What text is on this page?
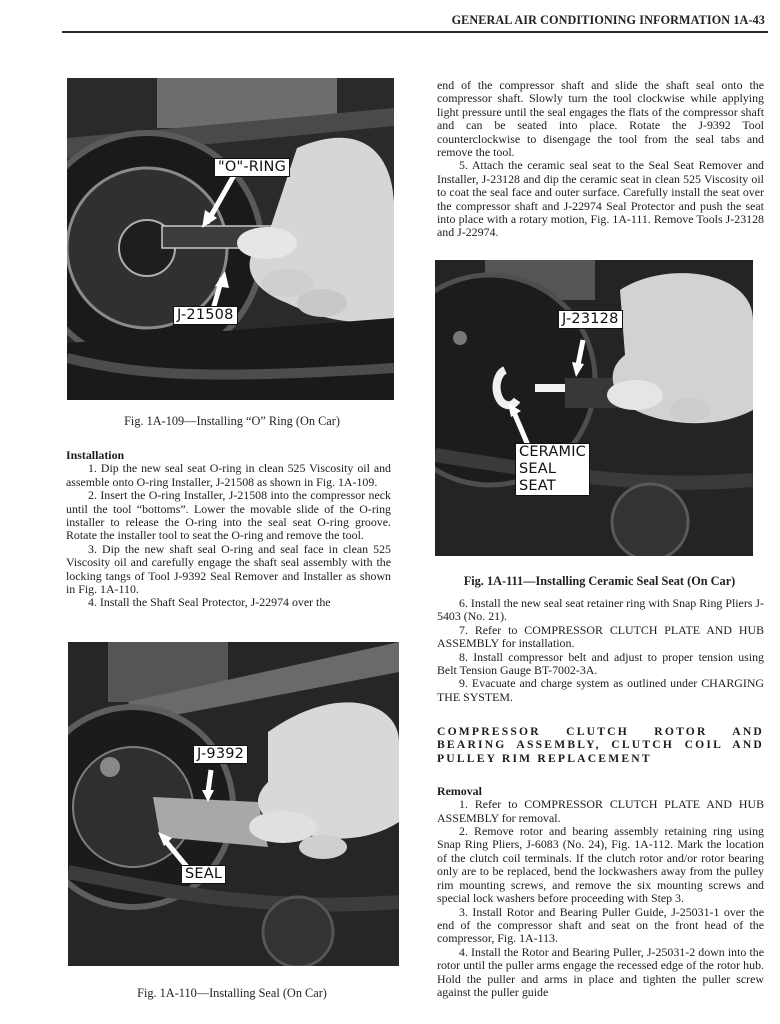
GENERAL AIR CONDITIONING INFORMATION 1A-43
"O"-RING
J-21508
Fig. 1A-109—Installing “O” Ring (On Car)

Installation

1. Dip the new seal seat O-ring in clean 525 Viscosity oil and assemble onto O-ring Installer, J-21508 as shown in Fig. 1A-109.

2. Insert the O-ring Installer, J-21508 into the compressor neck until the tool “bottoms”. Lower the movable slide of the O-ring installer to release the O-ring into the seal seat O-ring groove. Rotate the installer tool to seat the O-ring and remove the tool.

3. Dip the new shaft seal O-ring and seal face in clean 525 Viscosity oil and carefully engage the shaft seal assembly with the locking tangs of Tool J-9392 Seal Remover and Installer as shown in Fig. 1A-110.

4. Install the Shaft Seal Protector, J-22974 over the

J-9392
SEAL
Fig. 1A-110—Installing Seal (On Car)

end of the compressor shaft and slide the shaft seal onto the compressor shaft. Slowly turn the tool clockwise while applying light pressure until the seal engages the flats of the compressor shaft and can be seated into place. Rotate the J-9392 Tool counterclockwise to disengage the tool from the seal tabs and remove the tool.

5. Attach the ceramic seal seat to the Seal Seat Remover and Installer, J-23128 and dip the ceramic seat in clean 525 Viscosity oil to coat the seal face and outer surface. Carefully install the seat over the compressor shaft and J-22974 Seal Protector and push the seat into place with a rotary motion, Fig. 1A-111. Remove Tools J-23128 and J-22974.

J-23128
CERAMIC
SEAL
SEAT
Fig. 1A-111—Installing Ceramic Seal Seat (On Car)

6. Install the new seal seat retainer ring with Snap Ring Pliers J-5403 (No. 21).

7. Refer to COMPRESSOR CLUTCH PLATE AND HUB ASSEMBLY for installation.

8. Install compressor belt and adjust to proper tension using Belt Tension Gauge BT-7002-3A.

9. Evacuate and charge system as outlined under CHARGING THE SYSTEM.

COMPRESSOR CLUTCH ROTOR AND BEARING ASSEMBLY, CLUTCH COIL AND PULLEY RIM REPLACEMENT

Removal

1. Refer to COMPRESSOR CLUTCH PLATE AND HUB ASSEMBLY for removal.

2. Remove rotor and bearing assembly retaining ring using Snap Ring Pliers, J-6083 (No. 24), Fig. 1A-112. Mark the location of the clutch coil terminals. If the clutch rotor and/or rotor bearing only are to be replaced, bend the lockwashers away from the pulley rim mounting screws, and remove the six mounting screws and special lock washers before proceeding with Step 3.

3. Install Rotor and Bearing Puller Guide, J-25031-1 over the end of the compressor shaft and seat on the front head of the compressor, Fig. 1A-113.

4. Install the Rotor and Bearing Puller, J-25031-2 down into the rotor until the puller arms engage the recessed edge of the rotor hub. Hold the puller and arms in place and tighten the puller screw against the puller guide
